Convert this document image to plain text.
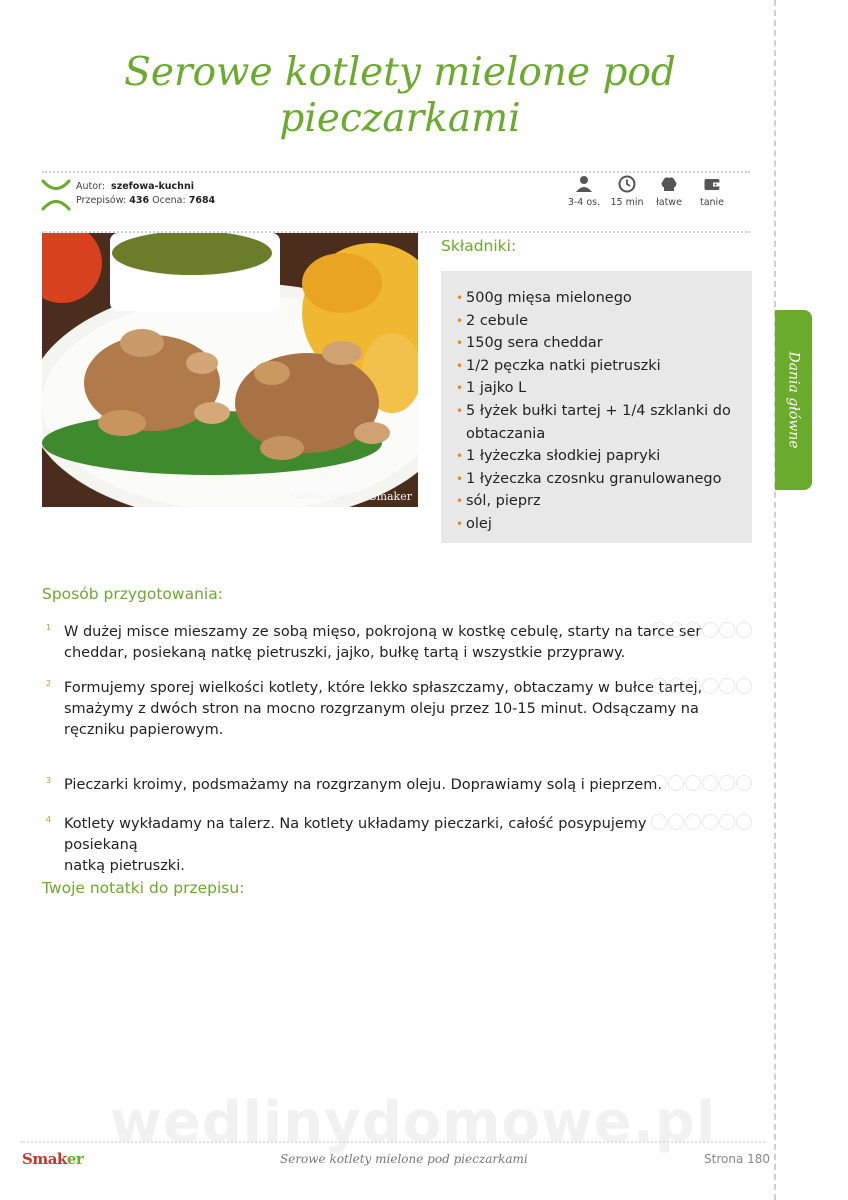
Serowe kotlety mielone pod
pieczarkami
Autor: szefowa-kuchni
Przepisów: 436 Ocena: 7684	3-4 os. 15 min łatwe tanie
szefowa kuchni | Smaker
Składniki:
• 500g mięsa mielonego
• 2 cebule
• 150g sera cheddar
• 1/2 pęczka natki pietruszki
• 1 jajko L
• 5 łyżek bułki tartej + 1/4 szklanki do obtaczania
• 1 łyżeczka słodkiej papryki
• 1 łyżeczka czosnku granulowanego
• sól, pieprz
• olej
Sposób przygotowania:
1 W dużej misce mieszamy ze sobą mięso, pokrojoną w kostkę cebulę, starty na tarce ser
cheddar, posiekaną natkę pietruszki, jajko, bułkę tartą i wszystkie przyprawy.
2 Formujemy sporej wielkości kotlety, które lekko spłaszczamy, obtaczamy w bułce tartej,
smażymy z dwóch stron na mocno rozgrzanym oleju przez 10-15 minut. Odsączamy na
ręczniku papierowym.
3 Pieczarki kroimy, podsmażamy na rozgrzanym oleju. Doprawiamy solą i pieprzem.
4 Kotlety wykładamy na talerz. Na kotlety układamy pieczarki, całość posypujemy posiekaną
natką pietruszki.
Twoje notatki do przepisu:
Dania główne
wedlinydomowe.pl
Smaker	Serowe kotlety mielone pod pieczarkami	Strona 180
